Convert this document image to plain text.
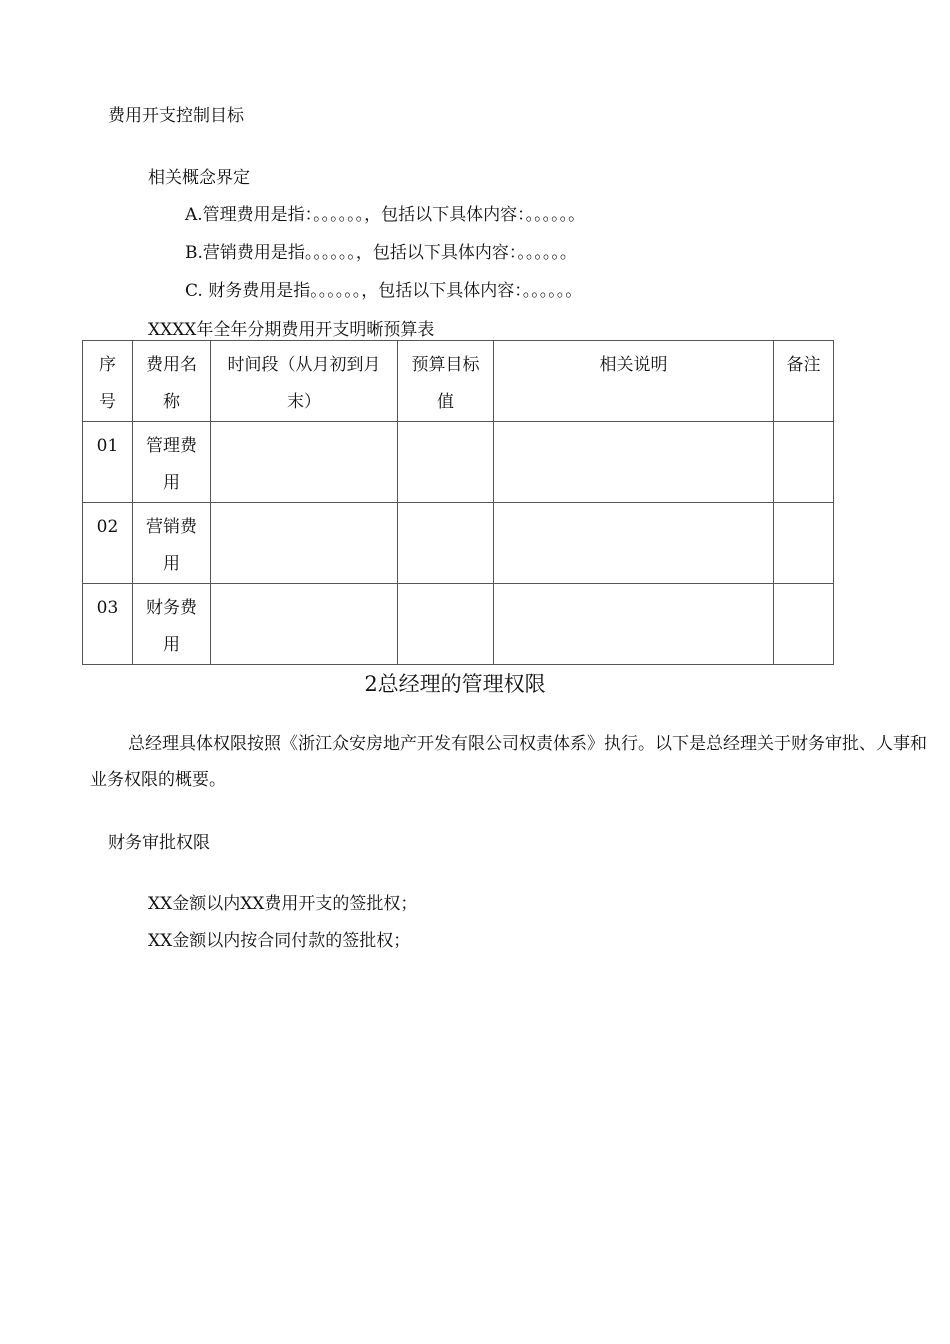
费用开支控制目标
相关概念界定
A.管理费用是指：。。。。。。，包括以下具体内容：。。。。。。
B.营销费用是指。。。。。。，包括以下具体内容：。。。。。。
C. 财务费用是指。。。。。。，包括以下具体内容：。。。。。。
XXXX年全年分期费用开支明晰预算表
序号	费用名称	时间段（从月初到月末）	预算目标值	相关说明	备注
01	管理费用				
02	营销费用				
03	财务费用				
2总经理的管理权限
总经理具体权限按照《浙江众安房地产开发有限公司权责体系》执行。以下是总经理关于财务审批、人事和业务权限的概要。
财务审批权限
XX金额以内XX费用开支的签批权；
XX金额以内按合同付款的签批权；
